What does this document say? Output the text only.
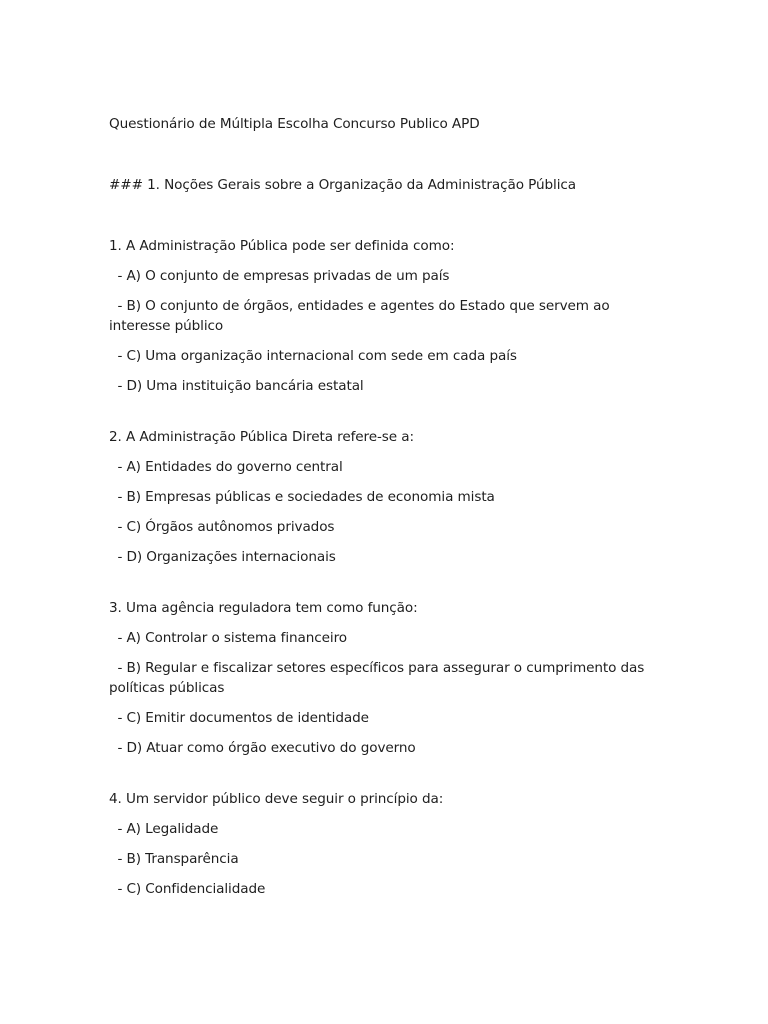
Questionário de Múltipla Escolha Concurso Publico APD

### 1. Noções Gerais sobre a Organização da Administração Pública

1. A Administração Pública pode ser definida como:

- A) O conjunto de empresas privadas de um país

- B) O conjunto de órgãos, entidades e agentes do Estado que servem ao interesse público

- C) Uma organização internacional com sede em cada país

- D) Uma instituição bancária estatal

2. A Administração Pública Direta refere-se a:

- A) Entidades do governo central

- B) Empresas públicas e sociedades de economia mista

- C) Órgãos autônomos privados

- D) Organizações internacionais

3. Uma agência reguladora tem como função:

- A) Controlar o sistema financeiro

- B) Regular e fiscalizar setores específicos para assegurar o cumprimento das políticas públicas

- C) Emitir documentos de identidade

- D) Atuar como órgão executivo do governo

4. Um servidor público deve seguir o princípio da:

- A) Legalidade

- B) Transparência

- C) Confidencialidade
